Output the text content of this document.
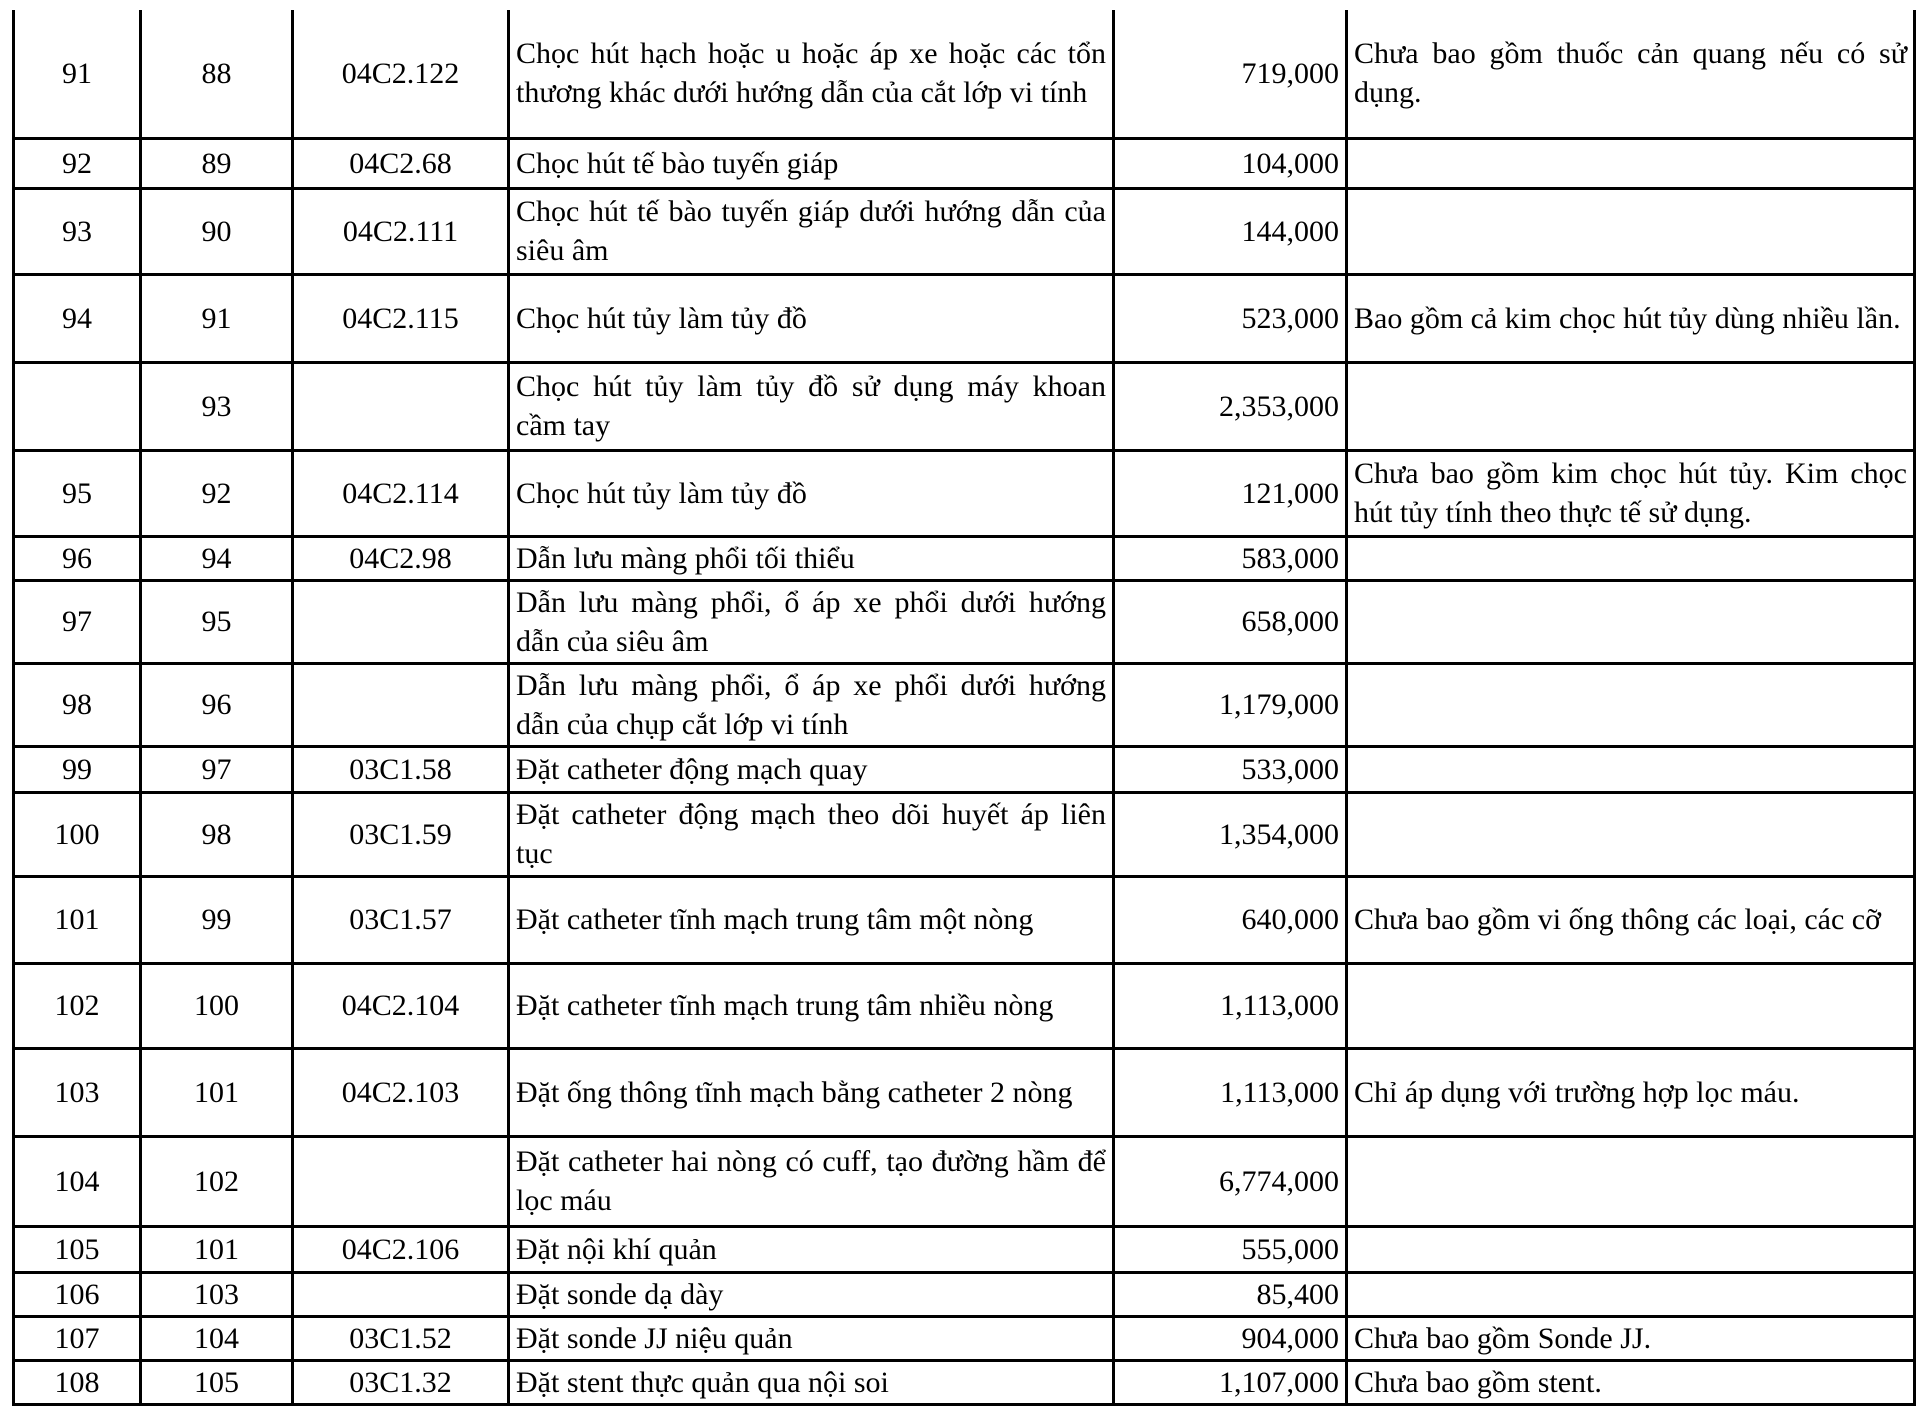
91	88	04C2.122	Chọc hút hạch hoặc u hoặc áp xe hoặc các tổn thương khác dưới hướng dẫn của cắt lớp vi tính	719,000	Chưa bao gồm thuốc cản quang nếu có sử dụng.
92	89	04C2.68	Chọc hút tế bào tuyến giáp	104,000	
93	90	04C2.111	Chọc hút tế bào tuyến giáp dưới hướng dẫn của siêu âm	144,000	
94	91	04C2.115	Chọc hút tủy làm tủy đồ	523,000	Bao gồm cả kim chọc hút tủy dùng nhiều lần.
	93		Chọc hút tủy làm tủy đồ sử dụng máy khoan cầm tay	2,353,000	
95	92	04C2.114	Chọc hút tủy làm tủy đồ	121,000	Chưa bao gồm kim chọc hút tủy. Kim chọc hút tủy tính theo thực tế sử dụng.
96	94	04C2.98	Dẫn lưu màng phổi tối thiểu	583,000	
97	95		Dẫn lưu màng phổi, ổ áp xe phổi dưới hướng dẫn của siêu âm	658,000	
98	96		Dẫn lưu màng phổi, ổ áp xe phổi dưới hướng dẫn của chụp cắt lớp vi tính	1,179,000	
99	97	03C1.58	Đặt catheter động mạch quay	533,000	
100	98	03C1.59	Đặt catheter động mạch theo dõi huyết áp liên tục	1,354,000	
101	99	03C1.57	Đặt catheter tĩnh mạch trung tâm một nòng	640,000	Chưa bao gồm vi ống thông các loại, các cỡ
102	100	04C2.104	Đặt catheter tĩnh mạch trung tâm nhiều nòng	1,113,000	
103	101	04C2.103	Đặt ống thông tĩnh mạch bằng catheter 2 nòng	1,113,000	Chỉ áp dụng với trường hợp lọc máu.
104	102		Đặt catheter hai nòng có cuff, tạo đường hầm để lọc máu	6,774,000	
105	101	04C2.106	Đặt nội khí quản	555,000	
106	103		Đặt sonde dạ dày	85,400	
107	104	03C1.52	Đặt sonde JJ niệu quản	904,000	Chưa bao gồm Sonde JJ.
108	105	03C1.32	Đặt stent thực quản qua nội soi	1,107,000	Chưa bao gồm stent.
